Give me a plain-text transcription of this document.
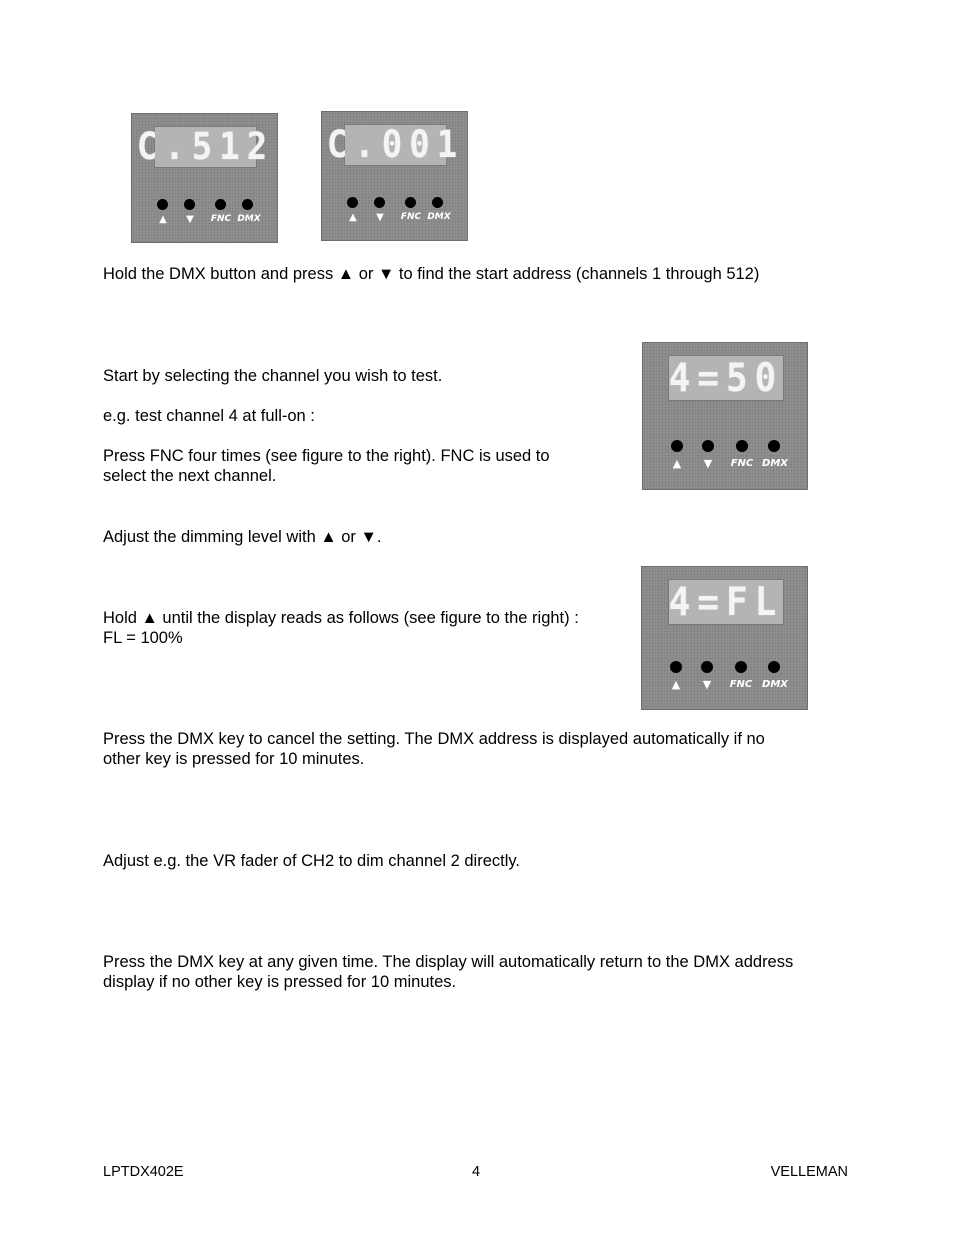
C.512
▲	▼	FNC DMX
C.001
▲	▼	FNC DMX
Hold the DMX button and press ▲ or ▼ to find the start address (channels 1 through 512)
4=50
▲	▼	FNC DMX
Start by selecting the channel you wish to test.
e.g. test channel 4 at full-on :
Press FNC four times (see figure to the right). FNC is used to
select the next channel.
Adjust the dimming level with ▲ or ▼.
4=FL
▲	▼	FNC DMX
Hold ▲ until the display reads as follows (see figure to the right) :
FL = 100%
Press the DMX key to cancel the setting. The DMX address is displayed automatically if no
other key is pressed for 10 minutes.
Adjust e.g. the VR fader of CH2 to dim channel 2 directly.
Press the DMX key at any given time. The display will automatically return to the DMX address
display if no other key is pressed for 10 minutes.
LPTDX402E	4	VELLEMAN
